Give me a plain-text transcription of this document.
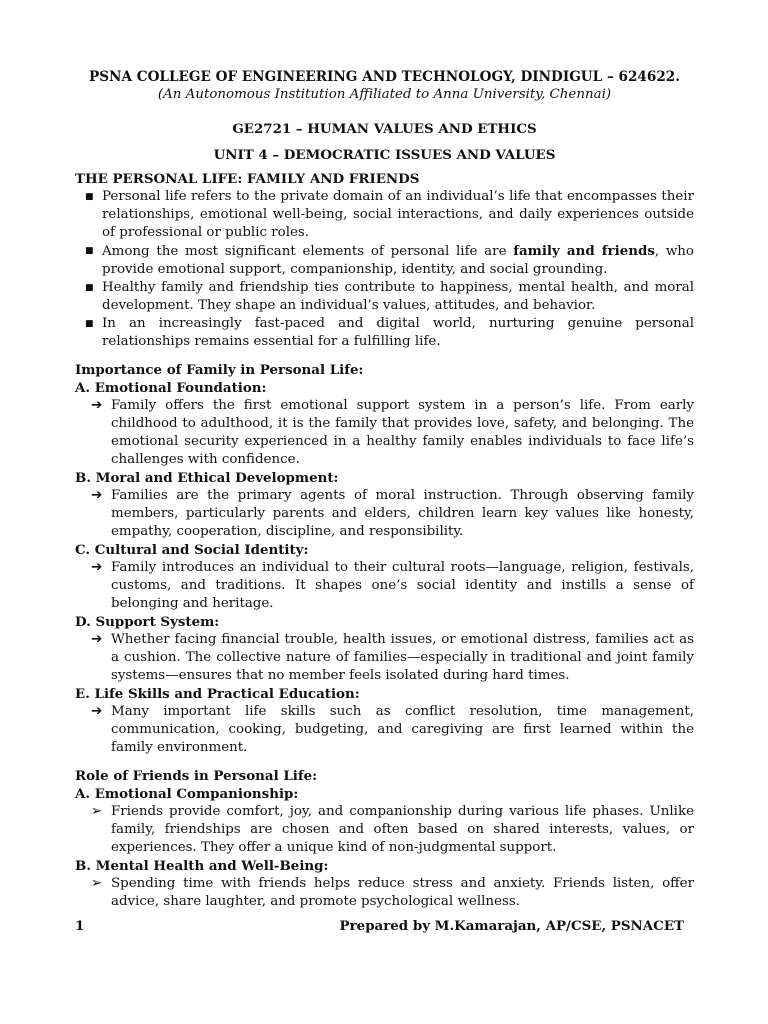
PSNA COLLEGE OF ENGINEERING AND TECHNOLOGY, DINDIGUL – 624622.

(An Autonomous Institution Affiliated to Anna University, Chennai)

GE2721 – HUMAN VALUES AND ETHICS

UNIT 4 – DEMOCRATIC ISSUES AND VALUES

THE PERSONAL LIFE: FAMILY AND FRIENDS

■ Personal life refers to the private domain of an individual’s life that encompasses their relationships, emotional well-being, social interactions, and daily experiences outside of professional or public roles.
■ Among the most significant elements of personal life are family and friends, who provide emotional support, companionship, identity, and social grounding.
■ Healthy family and friendship ties contribute to happiness, mental health, and moral development. They shape an individual’s values, attitudes, and behavior.
■ In an increasingly fast-paced and digital world, nurturing genuine personal relationships remains essential for a fulfilling life.

Importance of Family in Personal Life:

A. Emotional Foundation:

➔ Family offers the first emotional support system in a person’s life. From early childhood to adulthood, it is the family that provides love, safety, and belonging. The emotional security experienced in a healthy family enables individuals to face life’s challenges with confidence.

B. Moral and Ethical Development:

➔ Families are the primary agents of moral instruction. Through observing family members, particularly parents and elders, children learn key values like honesty, empathy, cooperation, discipline, and responsibility.

C. Cultural and Social Identity:

➔ Family introduces an individual to their cultural roots—language, religion, festivals, customs, and traditions. It shapes one’s social identity and instills a sense of belonging and heritage.

D. Support System:

➔ Whether facing financial trouble, health issues, or emotional distress, families act as a cushion. The collective nature of families—especially in traditional and joint family systems—ensures that no member feels isolated during hard times.

E. Life Skills and Practical Education:

➔ Many important life skills such as conflict resolution, time management, communication, cooking, budgeting, and caregiving are first learned within the family environment.

Role of Friends in Personal Life:

A. Emotional Companionship:

➢ Friends provide comfort, joy, and companionship during various life phases. Unlike family, friendships are chosen and often based on shared interests, values, or experiences. They offer a unique kind of non-judgmental support.

B. Mental Health and Well-Being:

➢ Spending time with friends helps reduce stress and anxiety. Friends listen, offer advice, share laughter, and promote psychological wellness.

1	Prepared by M.Kamarajan, AP/CSE, PSNACET
